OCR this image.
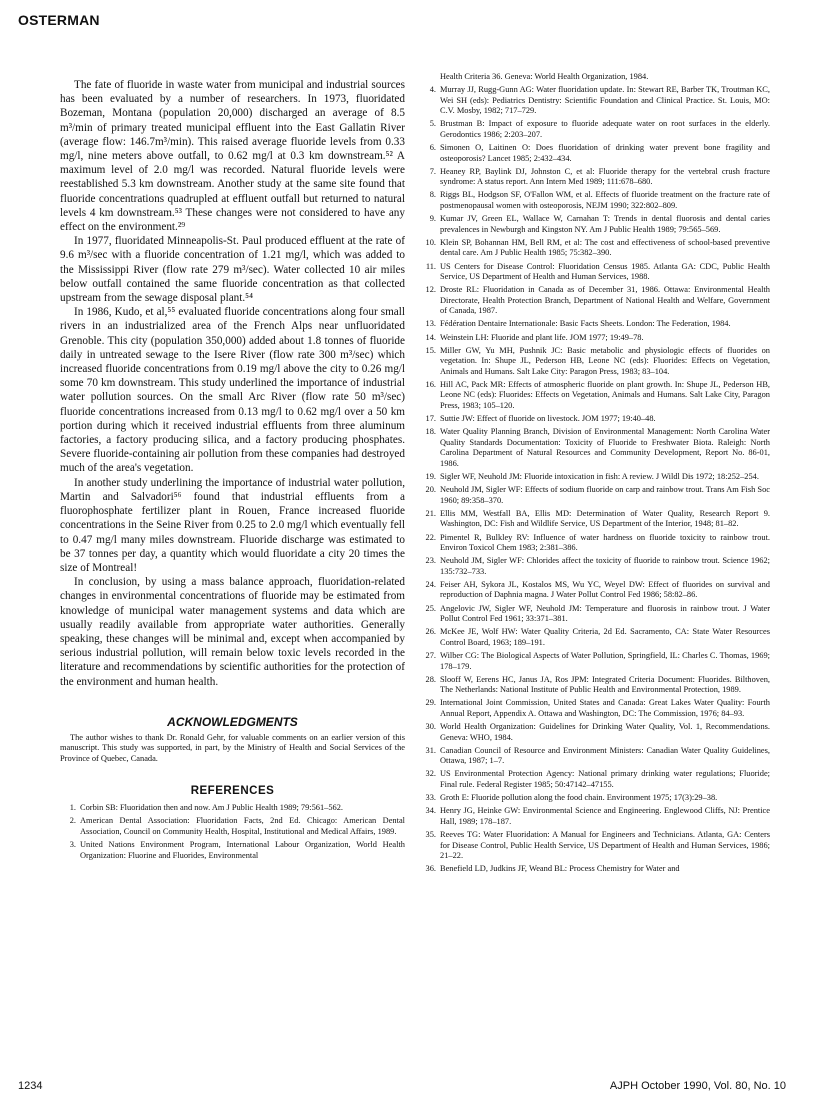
OSTERMAN

The fate of fluoride in waste water from municipal and industrial sources has been evaluated by a number of researchers. In 1973, fluoridated Bozeman, Montana (population 20,000) discharged an average of 8.5 m³/min of primary treated municipal effluent into the East Gallatin River (average flow: 146.7m³/min). This raised average fluoride levels from 0.33 mg/l, nine meters above outfall, to 0.62 mg/l at 0.3 km downstream.⁵² A maximum level of 2.0 mg/l was recorded. Natural fluoride levels were reestablished 5.3 km downstream. Another study at the same site found that fluoride concentrations quadrupled at effluent outfall but returned to natural levels 4 km downstream.⁵³ These changes were not considered to have any effect on the environment.²⁹

In 1977, fluoridated Minneapolis-St. Paul produced effluent at the rate of 9.6 m³/sec with a fluoride concentration of 1.21 mg/l, which was added to the Mississippi River (flow rate 279 m³/sec). Water collected 10 air miles below outfall contained the same fluoride concentration as that collected upstream from the sewage disposal plant.⁵⁴

In 1986, Kudo, et al,⁵⁵ evaluated fluoride concentrations along four small rivers in an industrialized area of the French Alps near unfluoridated Grenoble. This city (population 350,000) added about 1.8 tonnes of fluoride daily in untreated sewage to the Isere River (flow rate 300 m³/sec) which increased fluoride concentrations from 0.19 mg/l above the city to 0.26 mg/l some 70 km downstream. This study underlined the importance of industrial water pollution sources. On the small Arc River (flow rate 50 m³/sec) fluoride concentrations increased from 0.13 mg/l to 0.62 mg/l over a 50 km portion during which it received industrial effluents from three aluminum factories, a factory producing silica, and a factory producing phosphates. Severe fluoride-containing air pollution from these companies had destroyed much of the area's vegetation.

In another study underlining the importance of industrial water pollution, Martin and Salvadori⁵⁶ found that industrial effluents from a fluorophosphate fertilizer plant in Rouen, France increased fluoride concentrations in the Seine River from 0.25 to 2.0 mg/l which eventually fell to 0.47 mg/l many miles downstream. Fluoride discharge was estimated to be 37 tonnes per day, a quantity which would fluoridate a city 20 times the size of Montreal!

In conclusion, by using a mass balance approach, fluoridation-related changes in environmental concentrations of fluoride may be estimated from knowledge of municipal water management systems and data which are usually readily available from appropriate water authorities. Generally speaking, these changes will be minimal and, except when accompanied by serious industrial pollution, will remain below toxic levels recorded in the literature and recommendations by scientific authorities for the protection of the environment and human health.

ACKNOWLEDGMENTS

The author wishes to thank Dr. Ronald Gehr, for valuable comments on an earlier version of this manuscript. This study was supported, in part, by the Ministry of Health and Social Services of the Province of Quebec, Canada.

REFERENCES
1. Corbin SB: Fluoridation then and now. Am J Public Health 1989; 79:561–562.
2. American Dental Association: Fluoridation Facts, 2nd Ed. Chicago: American Dental Association, Council on Community Health, Hospital, Institutional and Medical Affairs, 1989.
3. United Nations Environment Program, International Labour Organization, World Health Organization: Fluorine and Fluorides, Environmental
Health Criteria 36. Geneva: World Health Organization, 1984.
4. Murray JJ, Rugg-Gunn AG: Water fluoridation update. In: Stewart RE, Barber TK, Troutman KC, Wei SH (eds): Pediatrics Dentistry: Scientific Foundation and Clinical Practice. St. Louis, MO: C.V. Mosby, 1982; 717–729.
5. Brustman B: Impact of exposure to fluoride adequate water on root surfaces in the elderly. Gerodontics 1986; 2:203–207.
6. Simonen O, Laitinen O: Does fluoridation of drinking water prevent bone fragility and osteoporosis? Lancet 1985; 2:432–434.
7. Heaney RP, Baylink DJ, Johnston C, et al: Fluoride therapy for the vertebral crush fracture syndrome: A status report. Ann Intern Med 1989; 111:678–680.
8. Riggs BL, Hodgson SF, O'Fallon WM, et al. Effects of fluoride treatment on the fracture rate of postmenopausal women with osteoporosis, NEJM 1990; 322:802–809.
9. Kumar JV, Green EL, Wallace W, Carnahan T: Trends in dental fluorosis and dental caries prevalences in Newburgh and Kingston NY. Am J Public Health 1989; 79:565–569.
10. Klein SP, Bohannan HM, Bell RM, et al: The cost and effectiveness of school-based preventive dental care. Am J Public Health 1985; 75:382–390.
11. US Centers for Disease Control: Fluoridation Census 1985. Atlanta GA: CDC, Public Health Service, US Department of Health and Human Services, 1988.
12. Droste RL: Fluoridation in Canada as of December 31, 1986. Ottawa: Environmental Health Directorate, Health Protection Branch, Department of National Health and Welfare, Government of Canada, 1987.
13. Fédération Dentaire Internationale: Basic Facts Sheets. London: The Federation, 1984.
14. Weinstein LH: Fluoride and plant life. JOM 1977; 19:49–78.
15. Miller GW, Yu MH, Pushnik JC: Basic metabolic and physiologic effects of fluorides on vegetation. In: Shupe JL, Pederson HB, Leone NC (eds): Fluorides: Effects on Vegetation, Animals and Humans. Salt Lake City: Paragon Press, 1983; 83–104.
16. Hill AC, Pack MR: Effects of atmospheric fluoride on plant growth. In: Shupe JL, Pederson HB, Leone NC (eds): Fluorides: Effects on Vegetation, Animals and Humans. Salt Lake City, Paragon Press, 1983; 105–120.
17. Suttie JW: Effect of fluoride on livestock. JOM 1977; 19:40–48.
18. Water Quality Planning Branch, Division of Environmental Management: North Carolina Water Quality Standards Documentation: Toxicity of Fluoride to Freshwater Biota. Raleigh: North Carolina Department of Natural Resources and Community Development, Report No. 86-01, 1986.
19. Sigler WF, Neuhold JM: Fluoride intoxication in fish: A review. J Wildl Dis 1972; 18:252–254.
20. Neuhold JM, Sigler WF: Effects of sodium fluoride on carp and rainbow trout. Trans Am Fish Soc 1960; 89:358–370.
21. Ellis MM, Westfall BA, Ellis MD: Determination of Water Quality, Research Report 9. Washington, DC: Fish and Wildlife Service, US Department of the Interior, 1948; 81–82.
22. Pimentel R, Bulkley RV: Influence of water hardness on fluoride toxicity to rainbow trout. Environ Toxicol Chem 1983; 2:381–386.
23. Neuhold JM, Sigler WF: Chlorides affect the toxicity of fluoride to rainbow trout. Science 1962; 135:732–733.
24. Feiser AH, Sykora JL, Kostalos MS, Wu YC, Weyel DW: Effect of fluorides on survival and reproduction of Daphnia magna. J Water Pollut Control Fed 1986; 58:82–86.
25. Angelovic JW, Sigler WF, Neuhold JM: Temperature and fluorosis in rainbow trout. J Water Pollut Control Fed 1961; 33:371–381.
26. McKee JE, Wolf HW: Water Quality Criteria, 2d Ed. Sacramento, CA: State Water Resources Control Board, 1963; 189–191.
27. Wilber CG: The Biological Aspects of Water Pollution, Springfield, IL: Charles C. Thomas, 1969; 178–179.
28. Slooff W, Eerens HC, Janus JA, Ros JPM: Integrated Criteria Document: Fluorides. Bilthoven, The Netherlands: National Institute of Public Health and Environmental Protection, 1989.
29. International Joint Commission, United States and Canada: Great Lakes Water Quality: Fourth Annual Report, Appendix A. Ottawa and Washington, DC: The Commission, 1976; 84–93.
30. World Health Organization: Guidelines for Drinking Water Quality, Vol. 1, Recommendations. Geneva: WHO, 1984.
31. Canadian Council of Resource and Environment Ministers: Canadian Water Quality Guidelines, Ottawa, 1987; 1–7.
32. US Environmental Protection Agency: National primary drinking water regulations; Fluoride; Final rule. Federal Register 1985; 50:47142–47155.
33. Groth E: Fluoride pollution along the food chain. Environment 1975; 17(3):29–38.
34. Henry JG, Heinke GW: Environmental Science and Engineering. Englewood Cliffs, NJ: Prentice Hall, 1989; 178–187.
35. Reeves TG: Water Fluoridation: A Manual for Engineers and Technicians. Atlanta, GA: Centers for Disease Control, Public Health Service, US Department of Health and Human Services, 1986; 21–22.
36. Benefield LD, Judkins JF, Weand BL: Process Chemistry for Water and
1234	AJPH October 1990, Vol. 80, No. 10
